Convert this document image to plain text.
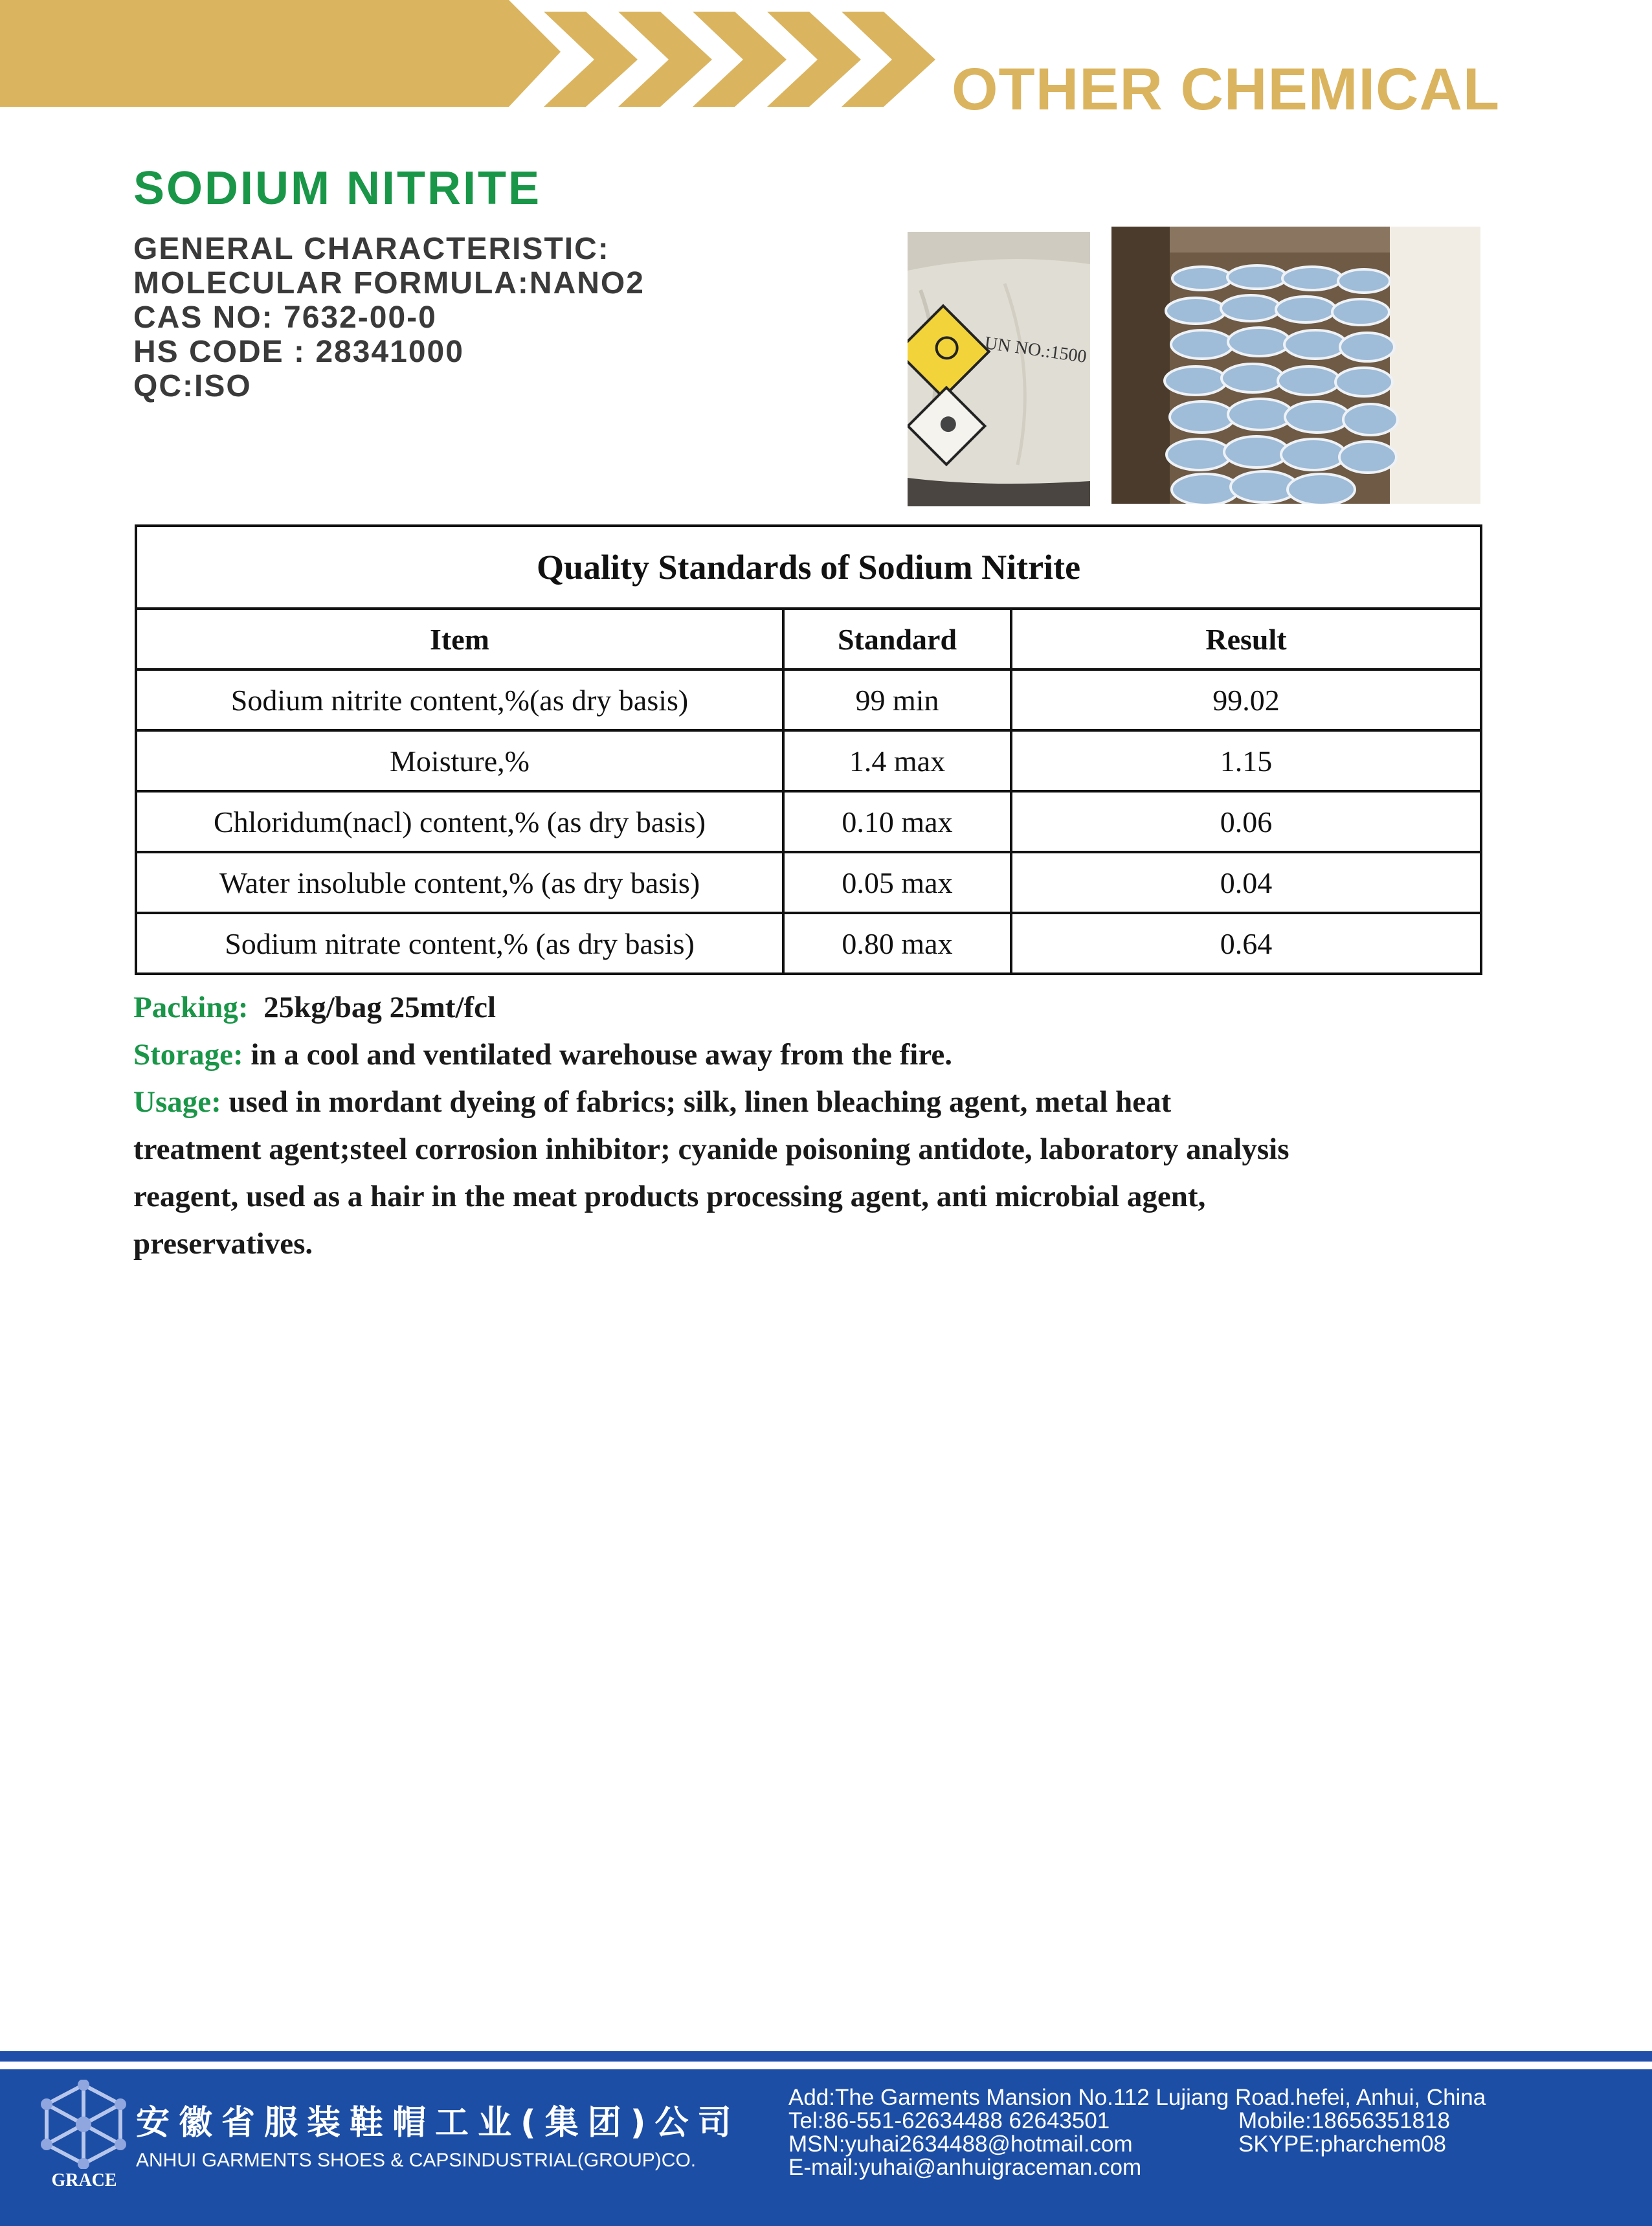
OTHER CHEMICAL
SODIUM NITRITE
GENERAL CHARACTERISTIC:
MOLECULAR FORMULA:NANO2
CAS NO: 7632-00-0
HS CODE : 28341000
QC:ISO
UN NO.:1500
Quality Standards of Sodium Nitrite		
Item	Standard	Result
Sodium nitrite content,%(as dry basis)	99 min	99.02
Moisture,%	1.4 max	1.15
Chloridum(nacl) content,% (as dry basis)	0.10 max	0.06
Water insoluble content,% (as dry basis)	0.05 max	0.04
Sodium nitrate content,% (as dry basis)	0.80 max	0.64
Packing: 25kg/bag 25mt/fcl
Storage: in a cool and ventilated warehouse away from the fire.
Usage: used in mordant dyeing of fabrics; silk, linen bleaching agent, metal heat
treatment agent;steel corrosion inhibitor; cyanide poisoning antidote, laboratory analysis
reagent, used as a hair in the meat products processing agent, anti microbial agent,
preservatives.
GRACE
安徽省服装鞋帽工业(集团)公司
ANHUI GARMENTS SHOES & CAPSINDUSTRIAL(GROUP)CO.
Add:The Garments Mansion No.112 Lujiang Road.hefei, Anhui, China
Tel:86-551-62634488 62643501	Mobile:18656351818
MSN:yuhai2634488@hotmail.com	SKYPE:pharchem08
E-mail:yuhai@anhuigraceman.com
